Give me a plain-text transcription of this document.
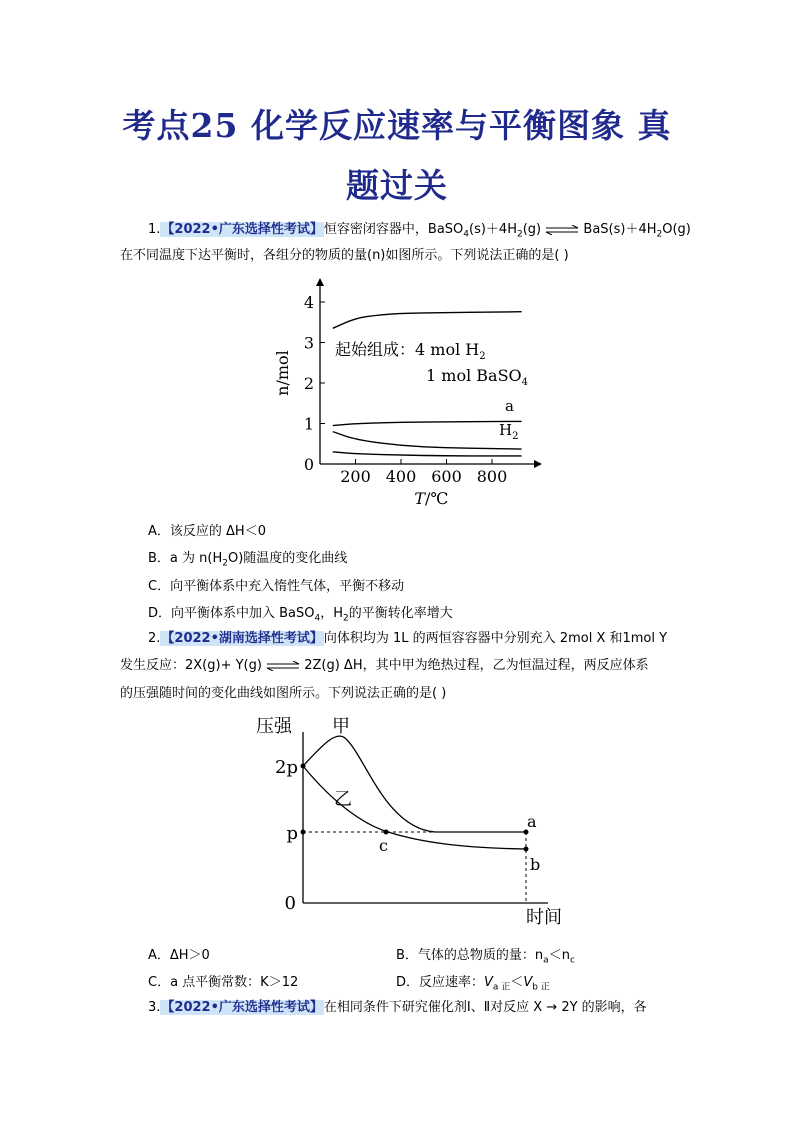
考点25 化学反应速率与平衡图象 真
题过关
1.【2022•广东选择性考试】恒容密闭容器中，$BaSO_4(s)+4H_2(g)$ ⇌ $BaS(s)+4H_2O(g)$
在不同温度下达平衡时，各组分的物质的量(n)如图所示。下列说法正确的是( )
0
1
2
3
4
200 400 600 800
n/mol
T /℃
起始组成：4 mol $H_2$
1 mol BaSO$_4$
a
$H_2$
A．该反应的 ΔH＜0
B．a 为 $n(H_2O)$随温度的变化曲线
C．向平衡体系中充入惰性气体，平衡不移动
D．向平衡体系中加入 BaSO$_4$，$H_2$的平衡转化率增大
2.【2022•湖南选择性考试】向体积均为 1L 的两恒容容器中分别充入 2mol X 和1mol Y
发生反应：2X(g)+ Y(g) ⇌ 2Z(g) ΔH，其中甲为绝热过程，乙为恒温过程，两反应体系
的压强随时间的变化曲线如图所示。下列说法正确的是( )
压强 甲
乙
2p
p
0
c
a
b
时间
A．ΔH＞0	B．气体的总物质的量：$n_a<n_c$
C．a 点平衡常数：K＞12	D．反应速率：$V_{a 正}<V_{b 正}$
3.【2022•广东选择性考试】在相同条件下研究催化剂Ⅰ、Ⅱ对反应 X → 2Y 的影响，各
